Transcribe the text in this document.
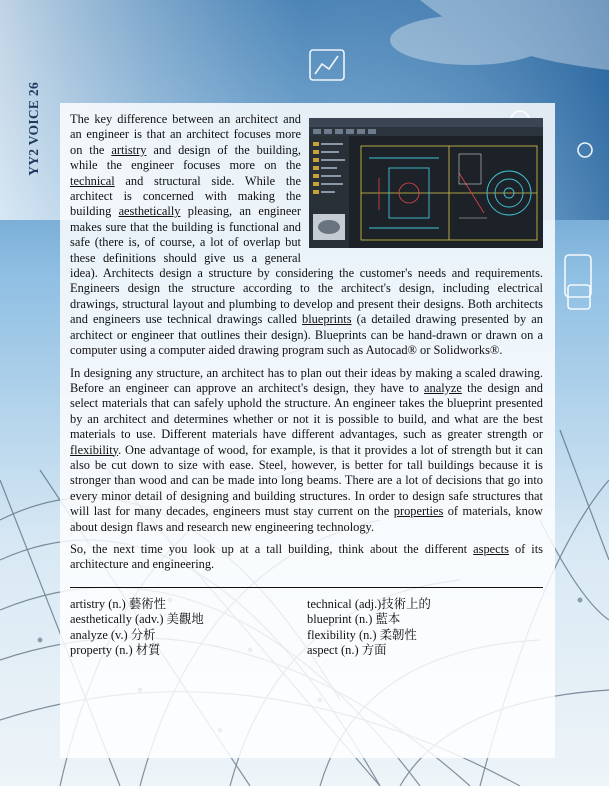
YY2 VOICE 26	The key difference between an architect and an engineer is that an architect focuses more on the artistry and design of the building, while the engineer focuses more on the technical and structural side. While the architect is concerned with making the building aesthetically pleasing, an engineer makes sure that the building is functional and safe (there is, of course, a lot of overlap but these definitions should give us a general idea). Architects design a structure by considering the customer's needs and requirements. Engineers design the structure according to the architect's design, including electrical drawings, structural layout and plumbing to develop and present their designs. Both architects and engineers use technical drawings called blueprints (a detailed drawing presented by an architect or engineer that outlines their design). Blueprints can be hand-drawn or drawn on a computer using a computer aided drawing program such as Autocad® or Solidworks®.

In designing any structure, an architect has to plan out their ideas by making a scaled drawing. Before an engineer can approve an architect's design, they have to analyze the design and select materials that can safely uphold the structure. An engineer takes the blueprint presented by an architect and determines whether or not it is possible to build, and what are the best materials to use. Different materials have different advantages, such as greater strength or flexibility. One advantage of wood, for example, is that it provides a lot of strength but it can also be cut down to size with ease. Steel, however, is better for tall buildings because it is stronger than wood and can be made into long beams. There are a lot of decisions that go into every minor detail of designing and building structures. In order to design safe structures that will last for many decades, engineers must stay current on the properties of materials, know about design flaws and research new engineering technology.

So, the next time you look up at a tall building, think about the different aspects of its architecture and engineering.

artistry (n.) 藝術性	technical (adj.)技術上的
aesthetically (adv.) 美觀地	blueprint (n.) 藍本
analyze (v.) 分析	flexibility (n.) 柔韌性
property (n.) 材質	aspect (n.) 方面
